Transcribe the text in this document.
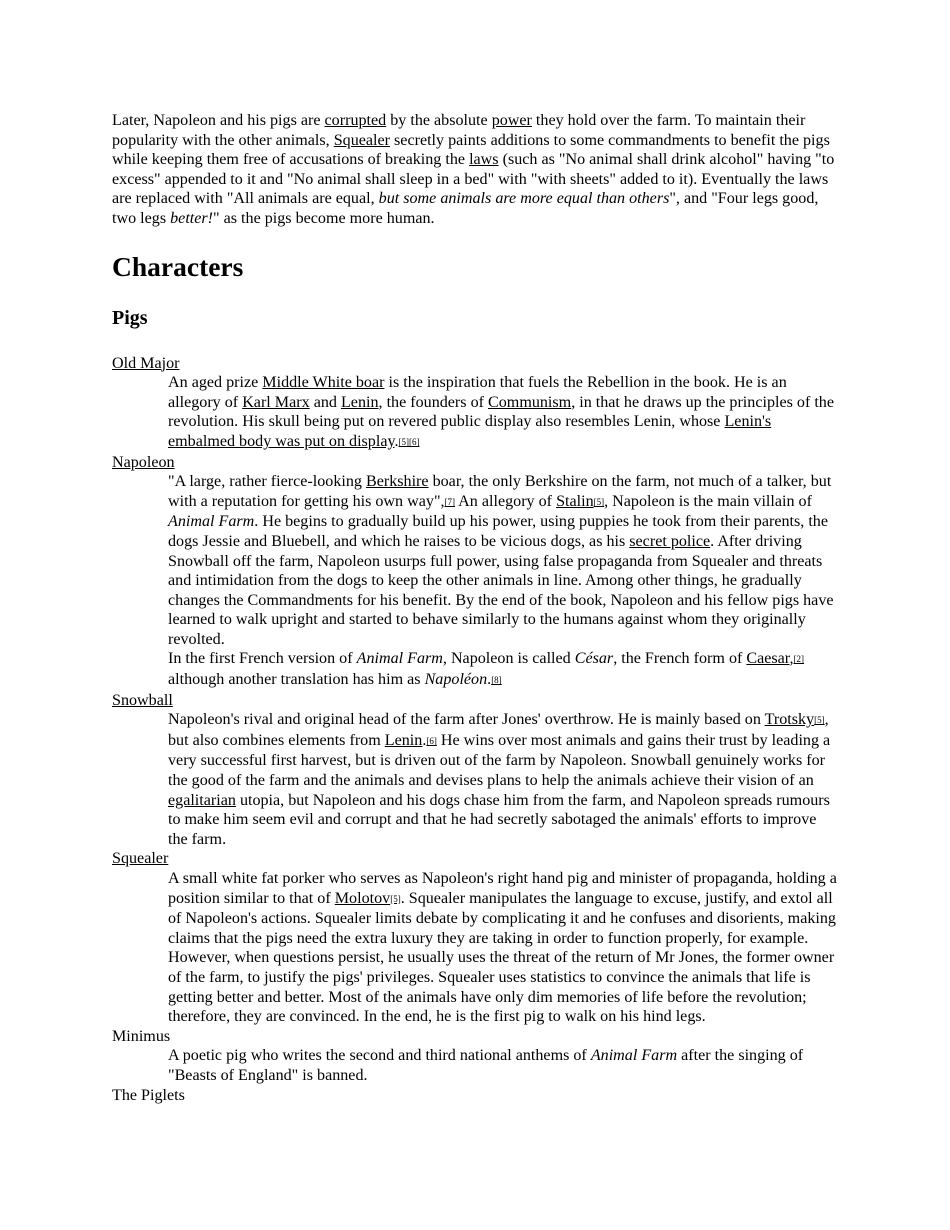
Later, Napoleon and his pigs are corrupted by the absolute power they hold over the farm. To maintain their popularity with the other animals, Squealer secretly paints additions to some commandments to benefit the pigs while keeping them free of accusations of breaking the laws (such as "No animal shall drink alcohol" having "to excess" appended to it and "No animal shall sleep in a bed" with "with sheets" added to it). Eventually the laws are replaced with "All animals are equal, but some animals are more equal than others", and "Four legs good, two legs better!" as the pigs become more human.

Characters
Pigs
Old Major
An aged prize Middle White boar is the inspiration that fuels the Rebellion in the book. He is an allegory of Karl Marx and Lenin, the founders of Communism, in that he draws up the principles of the revolution. His skull being put on revered public display also resembles Lenin, whose Lenin's embalmed body was put on display.[5][6]
Napoleon
"A large, rather fierce-looking Berkshire boar, the only Berkshire on the farm, not much of a talker, but with a reputation for getting his own way",[7] An allegory of Stalin[5], Napoleon is the main villain of Animal Farm. He begins to gradually build up his power, using puppies he took from their parents, the dogs Jessie and Bluebell, and which he raises to be vicious dogs, as his secret police. After driving Snowball off the farm, Napoleon usurps full power, using false propaganda from Squealer and threats and intimidation from the dogs to keep the other animals in line. Among other things, he gradually changes the Commandments for his benefit. By the end of the book, Napoleon and his fellow pigs have learned to walk upright and started to behave similarly to the humans against whom they originally revolted.
In the first French version of Animal Farm, Napoleon is called César, the French form of Caesar,[2] although another translation has him as Napoléon.[8]
Snowball
Napoleon's rival and original head of the farm after Jones' overthrow. He is mainly based on Trotsky[5], but also combines elements from Lenin.[6] He wins over most animals and gains their trust by leading a very successful first harvest, but is driven out of the farm by Napoleon. Snowball genuinely works for the good of the farm and the animals and devises plans to help the animals achieve their vision of an egalitarian utopia, but Napoleon and his dogs chase him from the farm, and Napoleon spreads rumours to make him seem evil and corrupt and that he had secretly sabotaged the animals' efforts to improve the farm.
Squealer
A small white fat porker who serves as Napoleon's right hand pig and minister of propaganda, holding a position similar to that of Molotov[5]. Squealer manipulates the language to excuse, justify, and extol all of Napoleon's actions. Squealer limits debate by complicating it and he confuses and disorients, making claims that the pigs need the extra luxury they are taking in order to function properly, for example. However, when questions persist, he usually uses the threat of the return of Mr Jones, the former owner of the farm, to justify the pigs' privileges. Squealer uses statistics to convince the animals that life is getting better and better. Most of the animals have only dim memories of life before the revolution; therefore, they are convinced. In the end, he is the first pig to walk on his hind legs.
Minimus
A poetic pig who writes the second and third national anthems of Animal Farm after the singing of "Beasts of England" is banned.
The Piglets
